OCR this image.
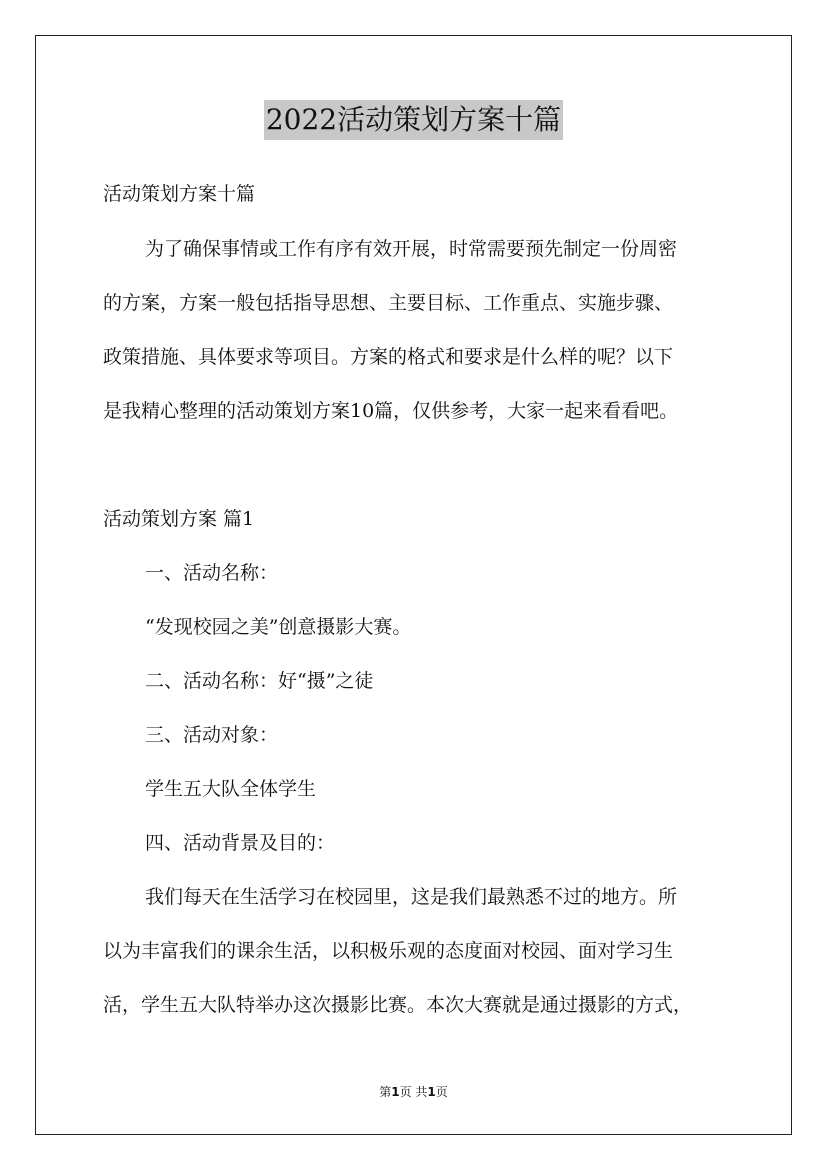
2022活动策划方案十篇
活动策划方案十篇
为了确保事情或工作有序有效开展，时常需要预先制定一份周密
的方案，方案一般包括指导思想、主要目标、工作重点、实施步骤、
政策措施、具体要求等项目。方案的格式和要求是什么样的呢？以下
是我精心整理的活动策划方案10篇，仅供参考，大家一起来看看吧。
活动策划方案 篇1
一、活动名称：
“发现校园之美”创意摄影大赛。
二、活动名称：好“摄”之徒
三、活动对象：
学生五大队全体学生
四、活动背景及目的：
我们每天在生活学习在校园里，这是我们最熟悉不过的地方。所
以为丰富我们的课余生活，以积极乐观的态度面对校园、面对学习生
活，学生五大队特举办这次摄影比赛。本次大赛就是通过摄影的方式，
第1页 共1页
